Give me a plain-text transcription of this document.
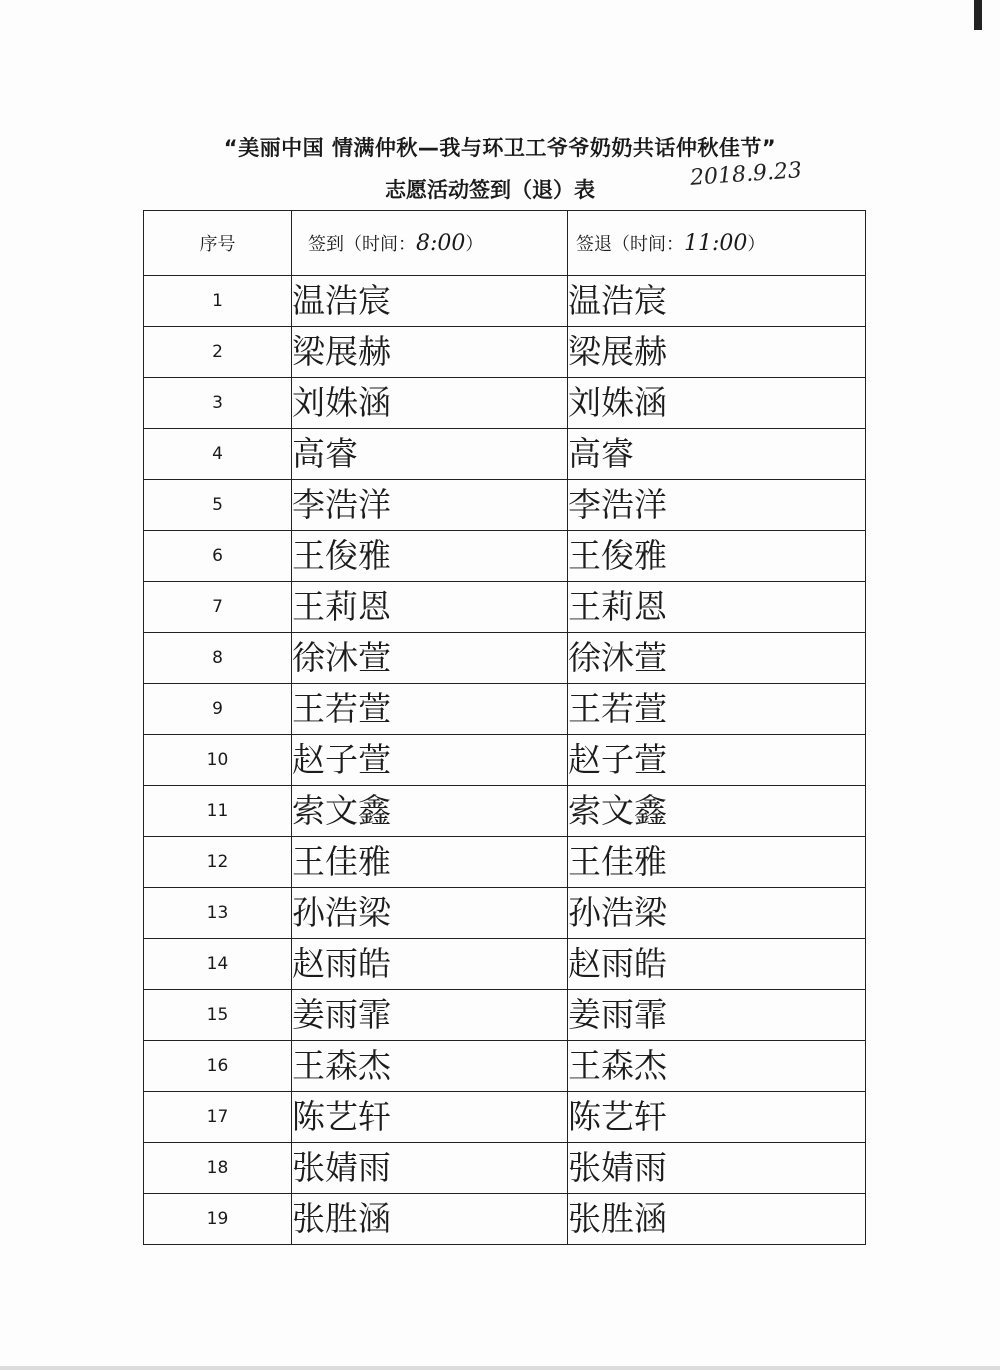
“美丽中国 情满仲秋—我与环卫工爷爷奶奶共话仲秋佳节”
志愿活动签到（退）表	2018.9.23
序号	签到（时间：8:00）	签退（时间：11:00）
1	温浩宸	温浩宸
2	梁展赫	梁展赫
3	刘姝涵	刘姝涵
4	高睿	高睿
5	李浩洋	李浩洋
6	王俊雅	王俊雅
7	王莉恩	王莉恩
8	徐沐萱	徐沐萱
9	王若萱	王若萱
10	赵子萱	赵子萱
11	索文鑫	索文鑫
12	王佳雅	王佳雅
13	孙浩梁	孙浩梁
14	赵雨皓	赵雨皓
15	姜雨霏	姜雨霏
16	王森杰	王森杰
17	陈艺轩	陈艺轩
18	张婧雨	张婧雨
19	张胜涵	张胜涵
